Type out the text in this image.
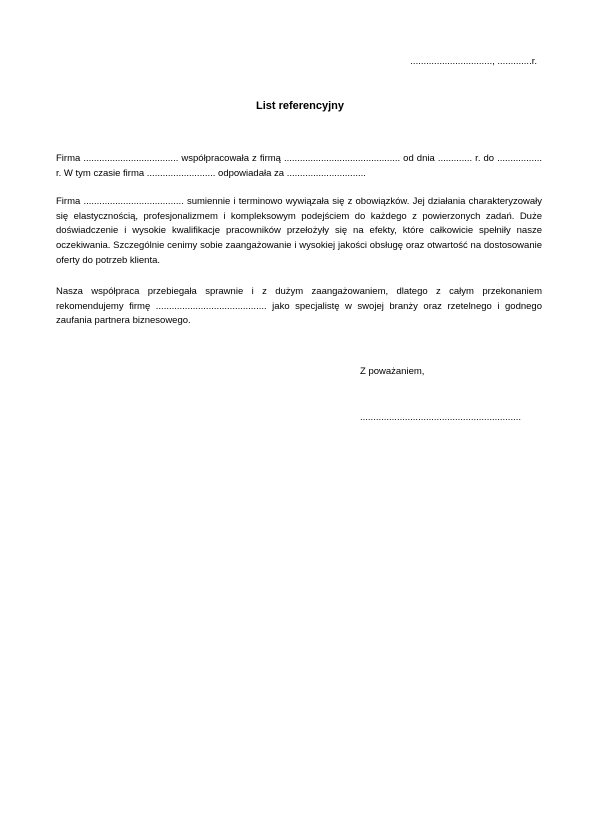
..............................., .............r.
List referencyjny

Firma .................................... współpracowała z firmą ............................................ od dnia ............. r. do ................. r. W tym czasie firma .......................... odpowiadała za ..............................

Firma ...................................... sumiennie i terminowo wywiązała się z obowiązków. Jej działania charakteryzowały się elastycznością, profesjonalizmem i kompleksowym podejściem do każdego z powierzonych zadań. Duże doświadczenie i wysokie kwalifikacje pracowników przełożyły się na efekty, które całkowicie spełniły nasze oczekiwania. Szczególnie cenimy sobie zaangażowanie i wysokiej jakości obsługę oraz otwartość na dostosowanie oferty do potrzeb klienta.

Nasza współpraca przebiegała sprawnie i z dużym zaangażowaniem, dlatego z całym przekonaniem rekomendujemy firmę .......................................... jako specjalistę w swojej branży oraz rzetelnego i godnego zaufania partnera biznesowego.

Z poważaniem,
.............................................................
